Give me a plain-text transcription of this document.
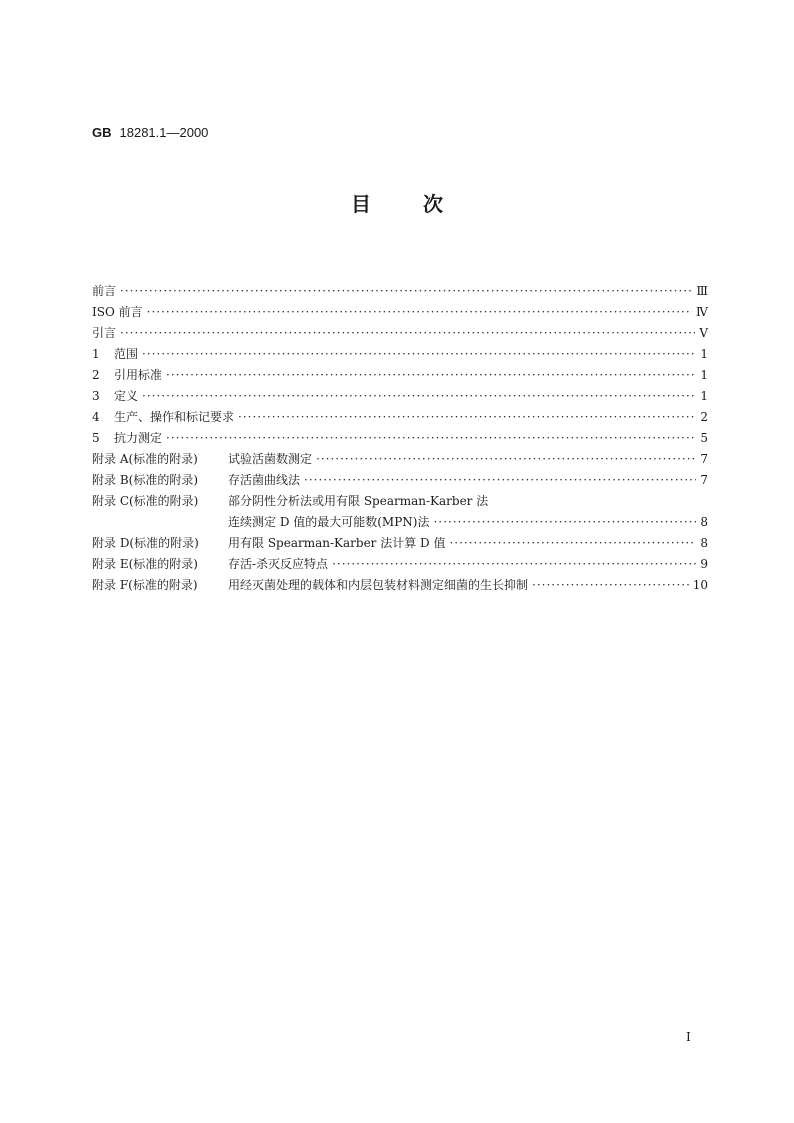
GB 18281.1—2000
目次
前言 ·····	Ⅲ
ISO 前言 ·····	Ⅳ
引言 ·····	Ⅴ
1	范围 ·····	1
2	引用标准 ·····	1
3	定义 ·····	1
4	生产、操作和标记要求 ·····	2
5	抗力测定 ·····	5
附录 A(标准的附录)	试验活菌数测定 ·····	7
附录 B(标准的附录)	存活菌曲线法 ·····	7
附录 C(标准的附录)	部分阴性分析法或用有限 Spearman-Karber 法
连续测定 D 值的最大可能数(MPN)法 ·····	8
附录 D(标准的附录)	用有限 Spearman-Karber 法计算 D 值 ·····	8
附录 E(标准的附录)	存活-杀灭反应特点 ·····	9
附录 F(标准的附录)	用经灭菌处理的载体和内层包装材料测定细菌的生长抑制 ·····	10
Ⅰ
